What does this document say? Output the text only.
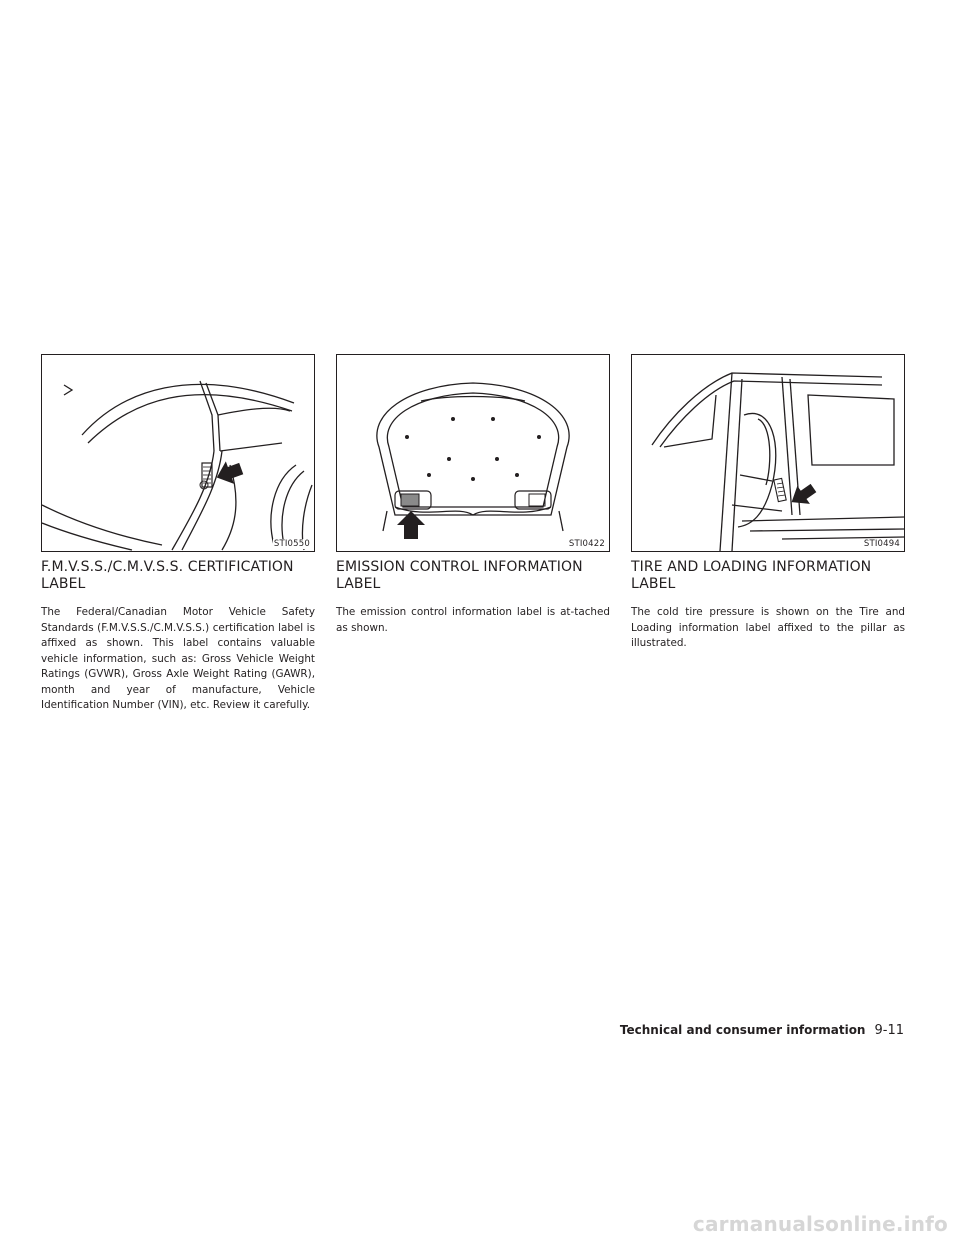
STI0550
F.M.V.S.S./C.M.V.S.S. CERTIFICATION LABEL

The Federal/Canadian Motor Vehicle Safety Standards (F.M.V.S.S./C.M.V.S.S.) certification label is affixed as shown. This label contains valuable vehicle information, such as: Gross Vehicle Weight Ratings (GVWR), Gross Axle Weight Rating (GAWR), month and year of manufacture, Vehicle Identification Number (VIN), etc. Review it carefully.

STI0422
EMISSION CONTROL INFORMATION LABEL

The emission control information label is at-tached as shown.

STI0494
TIRE AND LOADING INFORMATION LABEL

The cold tire pressure is shown on the Tire and Loading information label affixed to the pillar as illustrated.

Technical and consumer information 9-11
carmanualsonline.info
